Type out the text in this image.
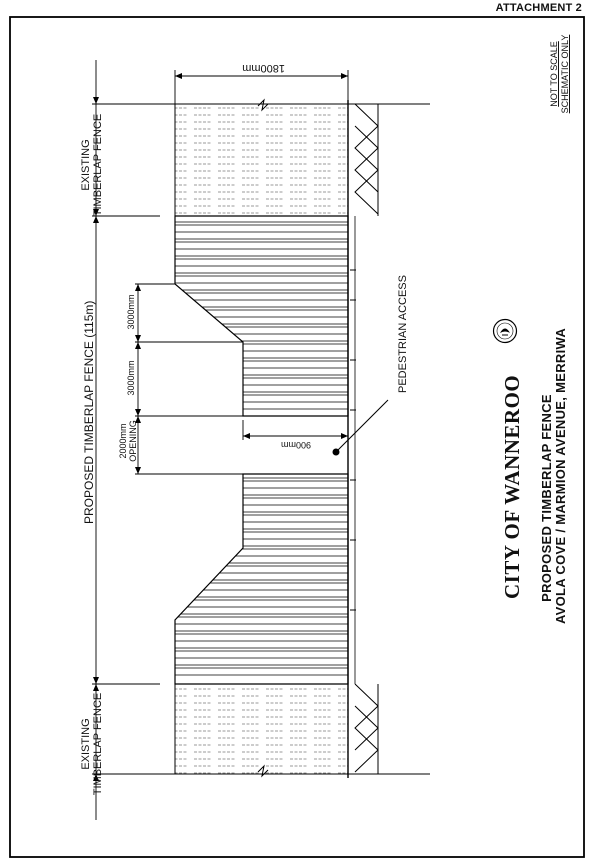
ATTACHMENT 2
EXISTING TIMBERLAP FENCE
EXISTING TIMBERLAP FENCE
PROPOSED TIMBERLAP FENCE (115m)
1800mm
3000mm
3000mm
2000mm OPENING	900mm
PEDESTRIAN ACCESS
NOT TO SCALE SCHEMATIC ONLY
CITY OF WANNEROO PROPOSED TIMBERLAP FENCE AVOLA COVE / MARMION AVENUE, MERRIWA
